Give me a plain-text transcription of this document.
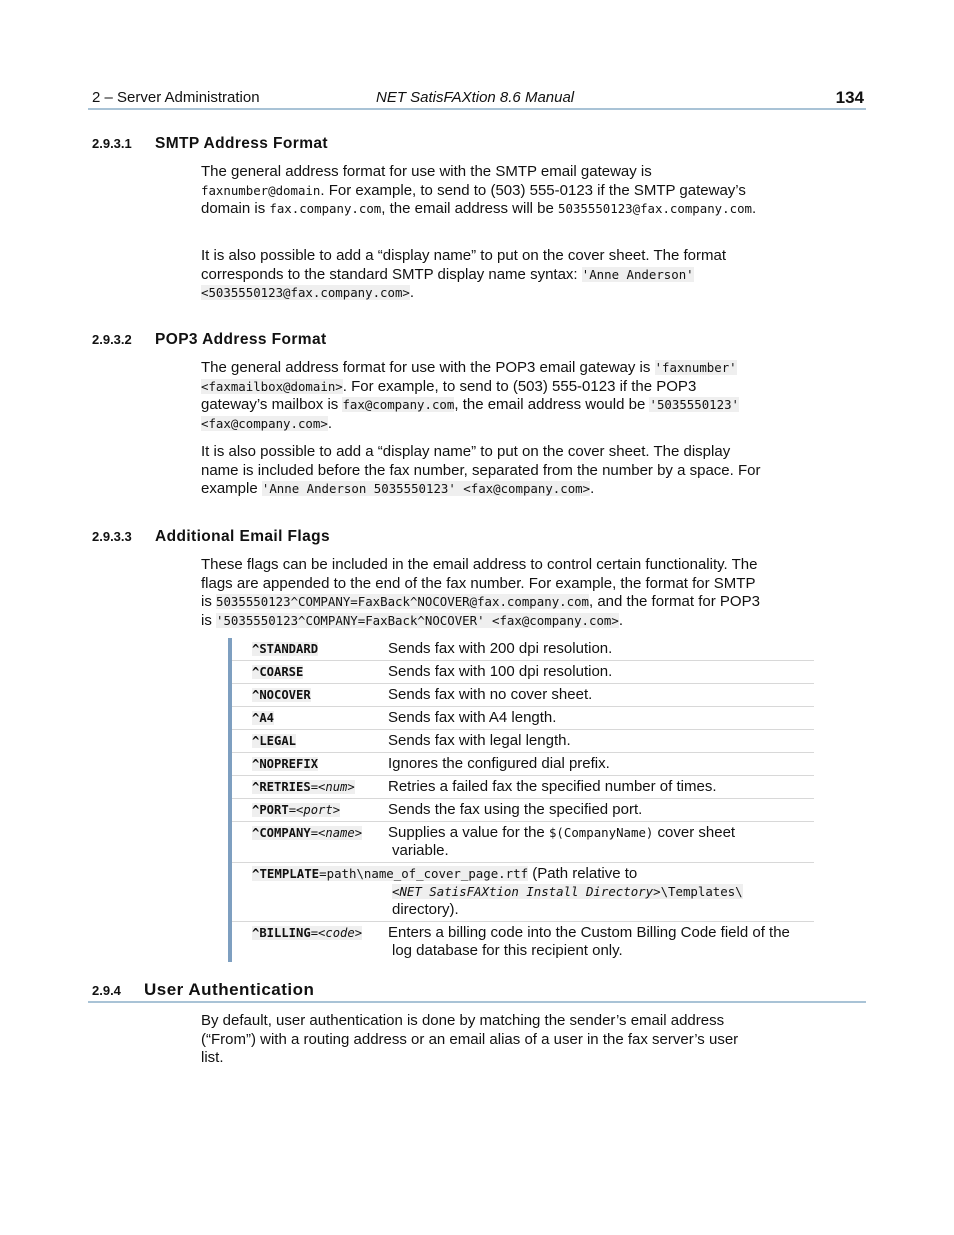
2 – Server Administration	NET SatisFAXtion 8.6 Manual	134
2.9.3.1 SMTP Address Format

The general address format for use with the SMTP email gateway is faxnumber@domain. For example, to send to (503) 555-0123 if the SMTP gateway’s domain is fax.company.com, the email address will be 5035550123@fax.company.com.

It is also possible to add a “display name” to put on the cover sheet. The format corresponds to the standard SMTP display name syntax: 'Anne Anderson' <5035550123@fax.company.com>.

2.9.3.2 POP3 Address Format

The general address format for use with the POP3 email gateway is 'faxnumber' <faxmailbox@domain>. For example, to send to (503) 555-0123 if the POP3 gateway’s mailbox is fax@company.com, the email address would be '5035550123' <fax@company.com>.

It is also possible to add a “display name” to put on the cover sheet. The display name is included before the fax number, separated from the number by a space. For example 'Anne Anderson 5035550123' <fax@company.com>.

2.9.3.3 Additional Email Flags

These flags can be included in the email address to control certain functionality. The flags are appended to the end of the fax number. For example, the format for SMTP is 5035550123^COMPANY=FaxBack^NOCOVER@fax.company.com, and the format for POP3 is '5035550123^COMPANY=FaxBack^NOCOVER' <fax@company.com>.

^STANDARD	Sends fax with 200 dpi resolution.
^COARSE	Sends fax with 100 dpi resolution.
^NOCOVER	Sends fax with no cover sheet.
^A4	Sends fax with A4 length.
^LEGAL	Sends fax with legal length.
^NOPREFIX	Ignores the configured dial prefix.
^RETRIES=<num>	Retries a failed fax the specified number of times.
^PORT=<port>	Sends the fax using the specified port.
^COMPANY=<name>	Supplies a value for the $(CompanyName) cover sheet
variable.
^TEMPLATE=path\name_of_cover_page.rtf (Path relative to
<NET SatisFAXtion Install Directory>\Templates\
directory).
^BILLING=<code>	Enters a billing code into the Custom Billing Code field of the
log database for this recipient only.
2.9.4 User Authentication

By default, user authentication is done by matching the sender’s email address (“From”) with a routing address or an email alias of a user in the fax server’s user list.
